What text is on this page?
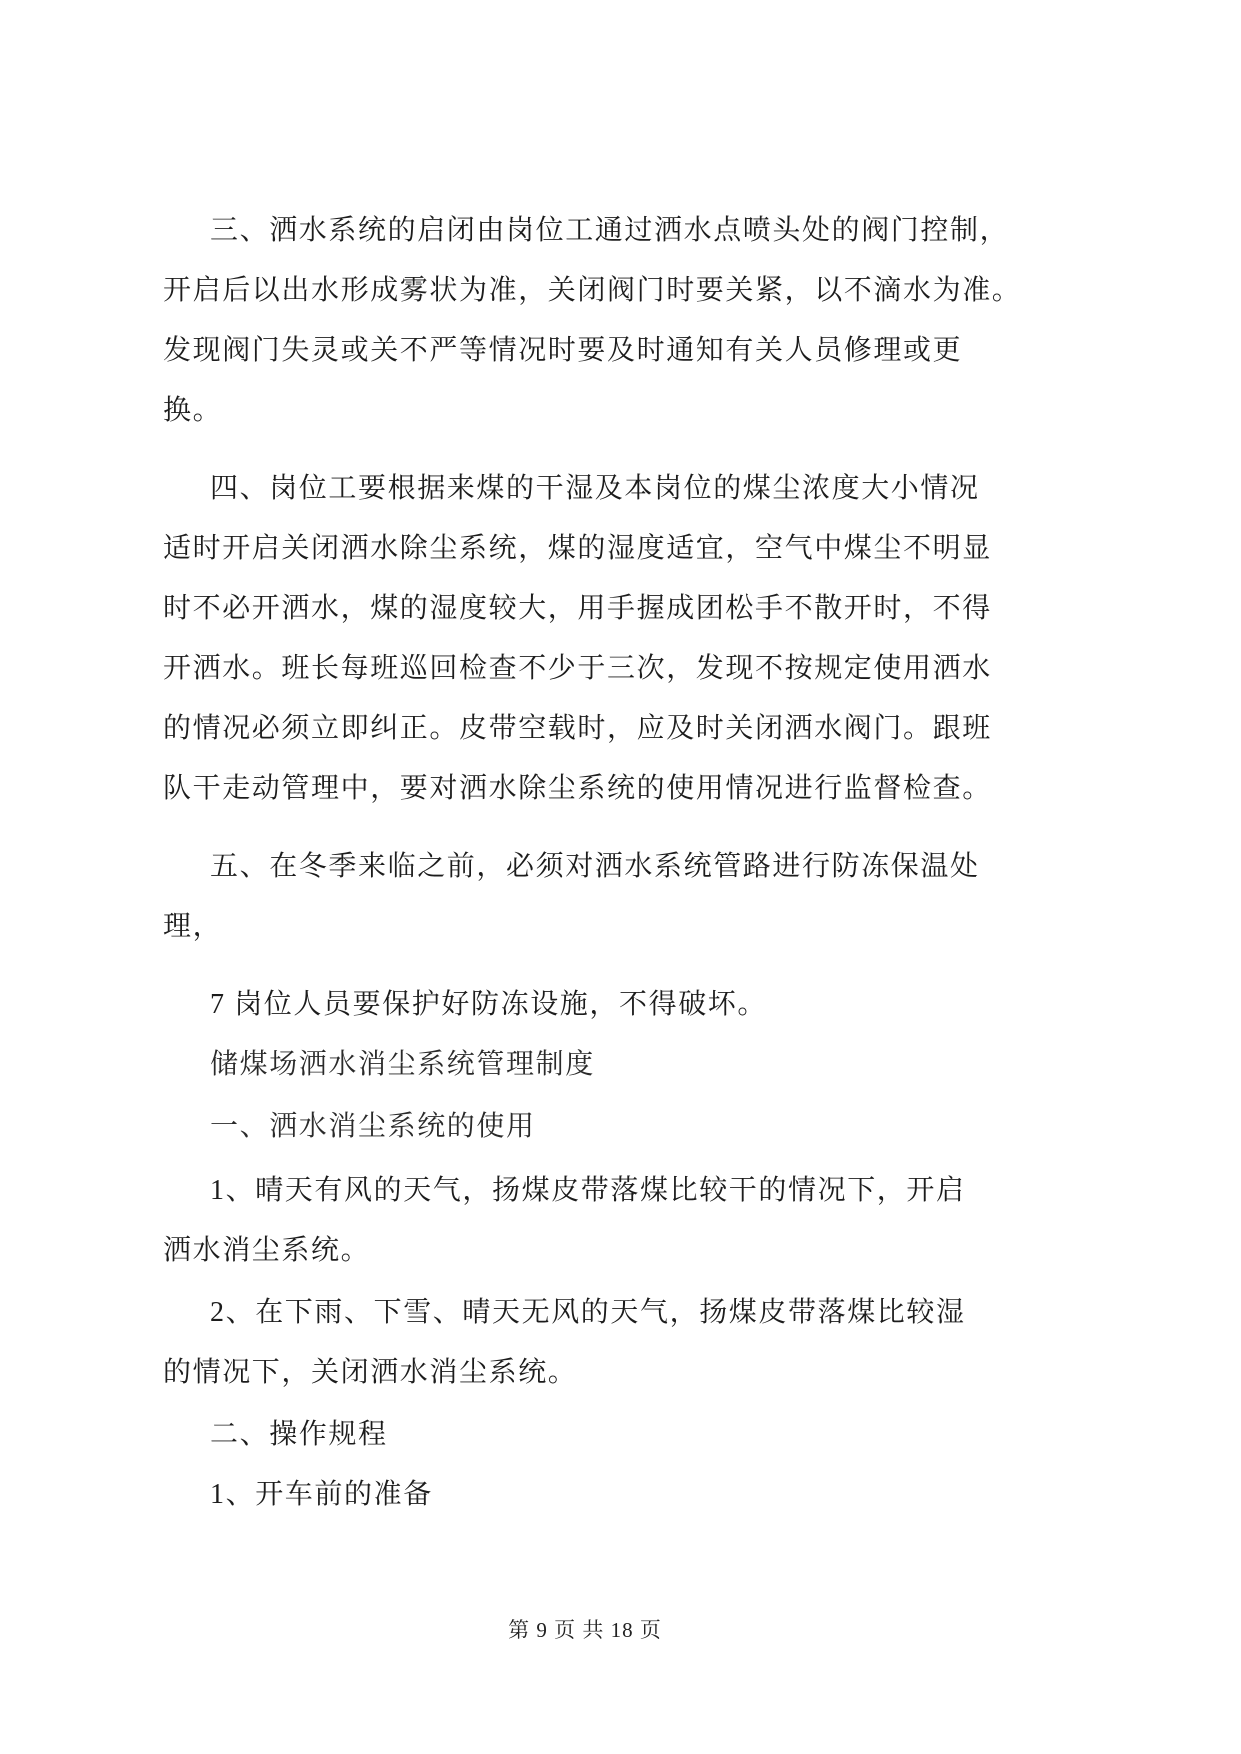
三、洒水系统的启闭由岗位工通过洒水点喷头处的阀门控制，
开启后以出水形成雾状为准，关闭阀门时要关紧，以不滴水为准。
发现阀门失灵或关不严等情况时要及时通知有关人员修理或更
换。
四、岗位工要根据来煤的干湿及本岗位的煤尘浓度大小情况
适时开启关闭洒水除尘系统，煤的湿度适宜，空气中煤尘不明显
时不必开洒水，煤的湿度较大，用手握成团松手不散开时，不得
开洒水。班长每班巡回检查不少于三次，发现不按规定使用洒水
的情况必须立即纠正。皮带空载时，应及时关闭洒水阀门。跟班
队干走动管理中，要对洒水除尘系统的使用情况进行监督检查。
五、在冬季来临之前，必须对洒水系统管路进行防冻保温处
理，
7 岗位人员要保护好防冻设施，不得破坏。
储煤场洒水消尘系统管理制度
一、洒水消尘系统的使用
1、晴天有风的天气，扬煤皮带落煤比较干的情况下，开启
洒水消尘系统。
2、在下雨、下雪、晴天无风的天气，扬煤皮带落煤比较湿
的情况下，关闭洒水消尘系统。
二、操作规程
1、开车前的准备
第 9 页 共 18 页
